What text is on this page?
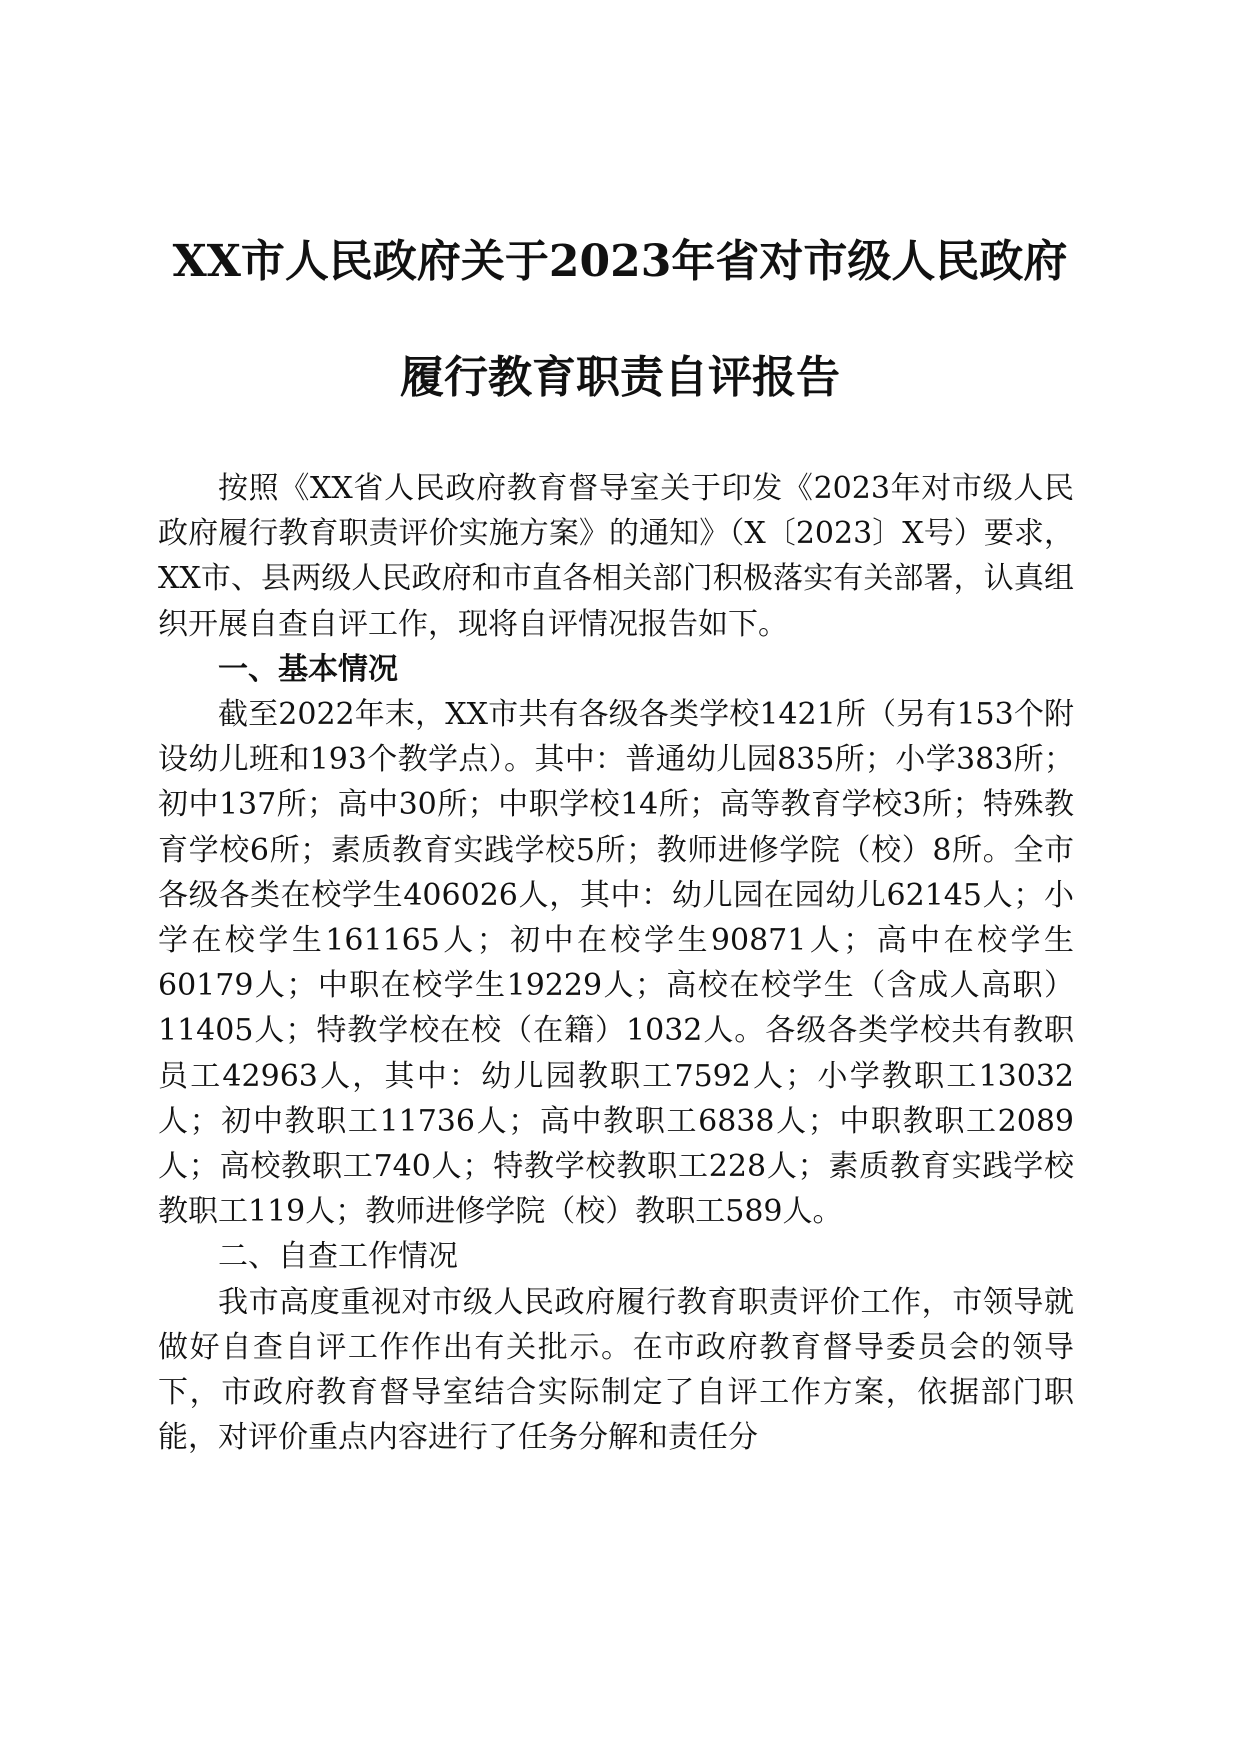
XX市人民政府关于2023年省对市级人民政府
履行教育职责自评报告

按照《XX省人民政府教育督导室关于印发《2023年对市级人民政府履行教育职责评价实施方案》的通知》（X〔2023〕X号）要求，XX市、县两级人民政府和市直各相关部门积极落实有关部署，认真组织开展自查自评工作，现将自评情况报告如下。

一、基本情况

截至2022年末，XX市共有各级各类学校1421所（另有153个附设幼儿班和193个教学点）。其中：普通幼儿园835所；小学383所；初中137所；高中30所；中职学校14所；高等教育学校3所；特殊教育学校6所；素质教育实践学校5所；教师进修学院（校）8所。全市各级各类在校学生406026人，其中：幼儿园在园幼儿62145人；小学在校学生161165人；初中在校学生90871人；高中在校学生60179人；中职在校学生19229人；高校在校学生（含成人高职）11405人；特教学校在校（在籍）1032人。各级各类学校共有教职员工42963人，其中：幼儿园教职工7592人；小学教职工13032人；初中教职工11736人；高中教职工6838人；中职教职工2089人；高校教职工740人；特教学校教职工228人；素质教育实践学校教职工119人；教师进修学院（校）教职工589人。

二、自查工作情况

我市高度重视对市级人民政府履行教育职责评价工作，市领导就做好自查自评工作作出有关批示。在市政府教育督导委员会的领导下，市政府教育督导室结合实际制定了自评工作方案，依据部门职能，对评价重点内容进行了任务分解和责任分
